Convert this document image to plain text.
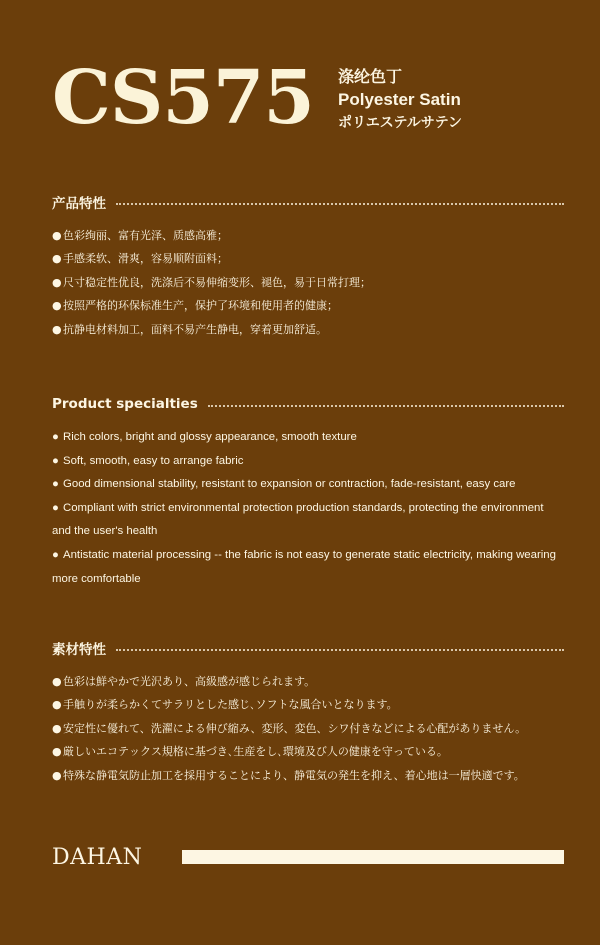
CS575 涤纶色丁
Polyester Satin
ポリエステルサテン
产品特性
●色彩绚丽、富有光泽、质感高雅；
●手感柔软、滑爽，容易顺附面料；
●尺寸稳定性优良，洗涤后不易伸缩变形、褪色，易于日常打理；
●按照严格的环保标准生产，保护了环境和使用者的健康；
●抗静电材料加工，面料不易产生静电，穿着更加舒适。
Product specialties
● Rich colors, bright and glossy appearance, smooth texture
● Soft, smooth, easy to arrange fabric
● Good dimensional stability, resistant to expansion or contraction, fade-resistant, easy care
● Compliant with strict environmental protection production standards, protecting the environment and the user's health
● Antistatic material processing -- the fabric is not easy to generate static electricity, making wearing more comfortable
素材特性
●色彩は鮮やかで光沢あり、高級感が感じられます。
●手触りが柔らかくてサラリとした感じ､ソフトな風合いとなります。
●安定性に優れて、洗濯による伸び縮み、変形、変色、シワ付きなどによる心配がありません。
●厳しいエコテックス規格に基づき､生産をし､環境及び人の健康を守っている。
●特殊な静電気防止加工を採用することにより、静電気の発生を抑え、着心地は一層快適です。
DAHAN
